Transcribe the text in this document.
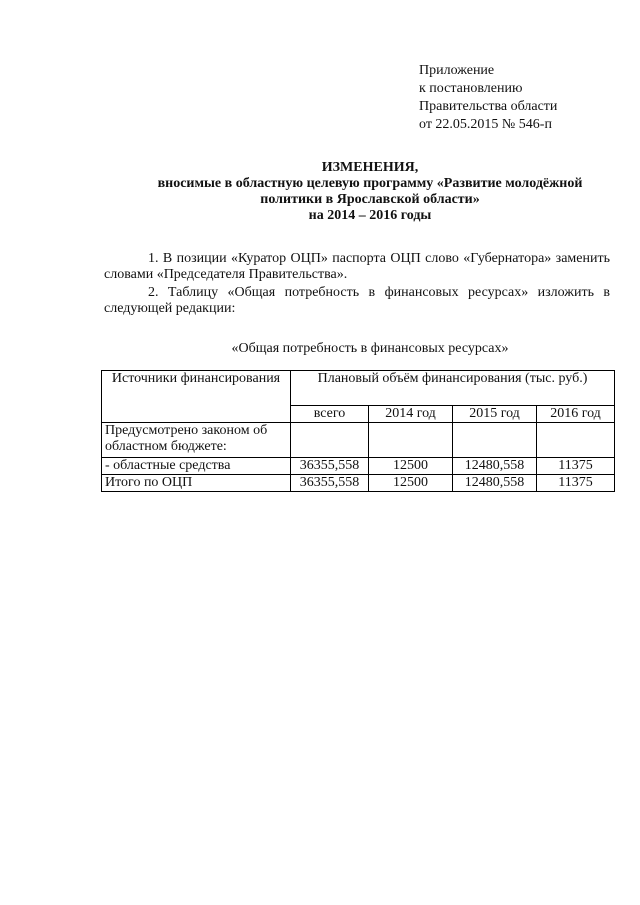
Приложение
к постановлению
Правительства области
от 22.05.2015 № 546-п
ИЗМЕНЕНИЯ,
вносимые в областную целевую программу «Развитие молодёжной
политики в Ярославской области»
на 2014 – 2016 годы

1. В позиции «Куратор ОЦП» паспорта ОЦП слово «Губернатора» заменить словами «Председателя Правительства».

2. Таблицу «Общая потребность в финансовых ресурсах» изложить в следующей редакции:

«Общая потребность в финансовых ресурсах»
Источники финансирования	Плановый объём финансирования (тыс. руб.)			
	всего	2014 год	2015 год	2016 год
Предусмотрено законом об областном бюджете:				
- областные средства	36355,558	12500	12480,558	11375
Итого по ОЦП	36355,558	12500	12480,558	11375
